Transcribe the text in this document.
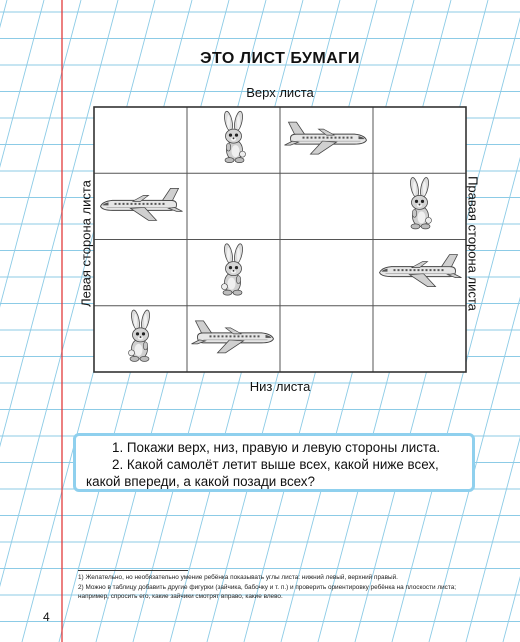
ЭТО ЛИСТ БУМАГИ
Верх листа
Низ листа
Левая сторона листа	Правая сторона листа

1. Покажи верх, низ, правую и левую стороны листа.

2. Какой самолёт летит выше всех, какой ниже всех, какой впереди, а какой позади всех?

1) Желательно, но необязательно умение ребёнка показывать углы листа: нижний левый, верхний правый.

2) Можно в таблицу добавить другие фигурки (зайчика, бабочку и т. п.) и проверить ориентировку ребёнка на плоскости листа; например, спросить его, какие зайчики смотрят вправо, какие влево.

4
